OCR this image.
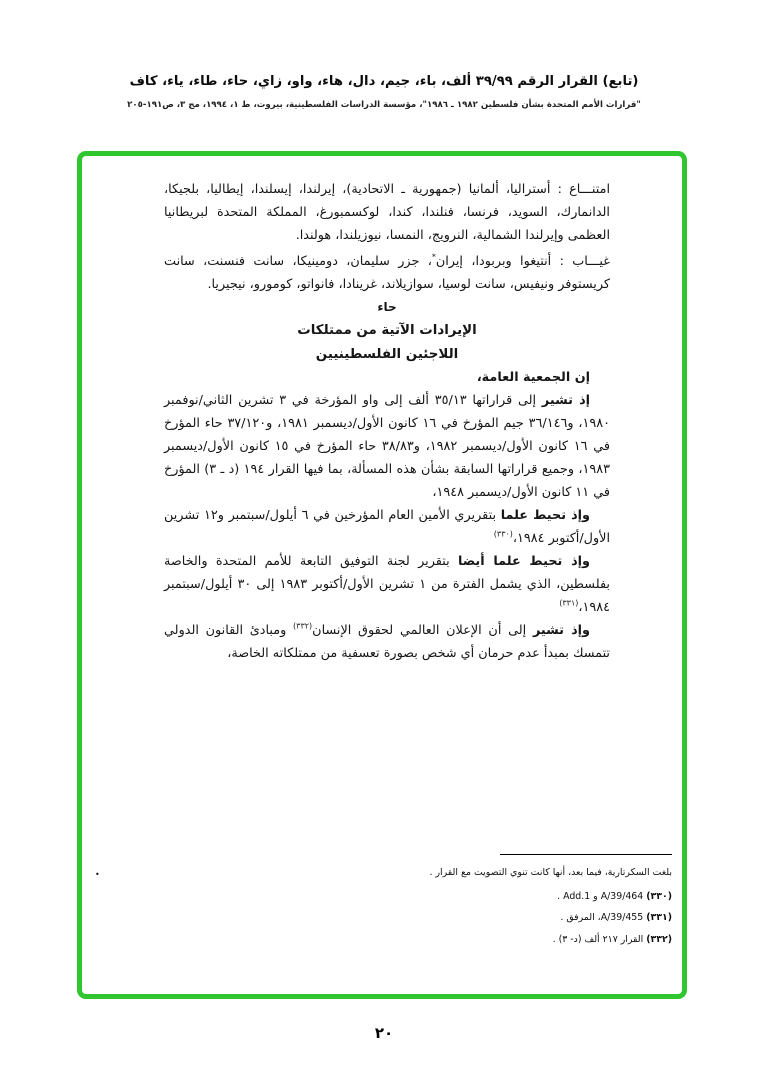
(تابع) القرار الرقم ٣٩/٩٩ ألف، باء، جيم، دال، هاء، واو، زاي، حاء، طاء، ياء، كاف
"قرارات الأمم المتحدة بشأن فلسطين ١٩٨٢ ـ ١٩٨٦"، مؤسسة الدراسات الفلسطينية، بيروت، ط ١، ١٩٩٤، مج ٣، ص١٩١-٢٠٥

امتنـــاع : أستراليا، ألمانيا (جمهورية ـ الاتحادية)، إيرلندا، إيسلندا، إيطاليا، بلجيكا، الدانمارك، السويد، فرنسا، فنلندا، كندا، لوكسمبورغ، المملكة المتحدة لبريطانيا العظمى وإيرلندا الشمالية، النرويج، النمسا، نيوزيلندا، هولندا.

غيـــاب : أنتيغوا وبربودا، إيران*، جزر سليمان، دومينيكا، سانت فنسنت، سانت كريستوفر ونيفيس، سانت لوسيا، سوازيلاند، غرينادا، فانواتو، كومورو، نيجيريا.

حاء

الإيرادات الآتية من ممتلكات

اللاجئين الفلسطينيين

إن الجمعية العامة،

إذ تشير إلى قراراتها ٣٥/١٣ ألف إلى واو المؤرخة في ٣ تشرين الثاني/نوفمبر ١٩٨٠، و٣٦/١٤٦ جيم المؤرخ في ١٦ كانون الأول/ديسمبر ١٩٨١، و٣٧/١٢٠ حاء المؤرخ في ١٦ كانون الأول/ديسمبر ١٩٨٢، و٣٨/٨٣ حاء المؤرخ في ١٥ كانون الأول/ديسمبر ١٩٨٣، وجميع قراراتها السابقة بشأن هذه المسألة، بما فيها القرار ١٩٤ (د ـ ٣) المؤرخ في ١١ كانون الأول/ديسمبر ١٩٤٨،

وإذ تحيط علما بتقريري الأمين العام المؤرخين في ٦ أيلول/سبتمبر و١٢ تشرين الأول/أكتوبر ١٩٨٤،$^{(٣٣٠)}$

وإذ تحيط علما أيضا بتقرير لجنة التوفيق التابعة للأمم المتحدة والخاصة بفلسطين، الذي يشمل الفترة من ١ تشرين الأول/أكتوبر ١٩٨٣ إلى ٣٠ أيلول/سبتمبر ١٩٨٤،$^{(٣٣١)}$

وإذ تشير إلى أن الإعلان العالمي لحقوق الإنسان$^{(٣٣٢)}$ ومبادئ القانون الدولي تتمسك بمبدأ عدم حرمان أي شخص بصورة تعسفية من ممتلكاته الخاصة،

بلغت السكرتارية، فيما بعد، أنها كانت تنوي التصويت مع القرار .
•
(٣٣٠) A/39/464 و Add.1 .
(٣٣١) A/39/455، المرفق .
(٣٣٢) القرار ٢١٧ ألف (د- ٣) .
٢٠
